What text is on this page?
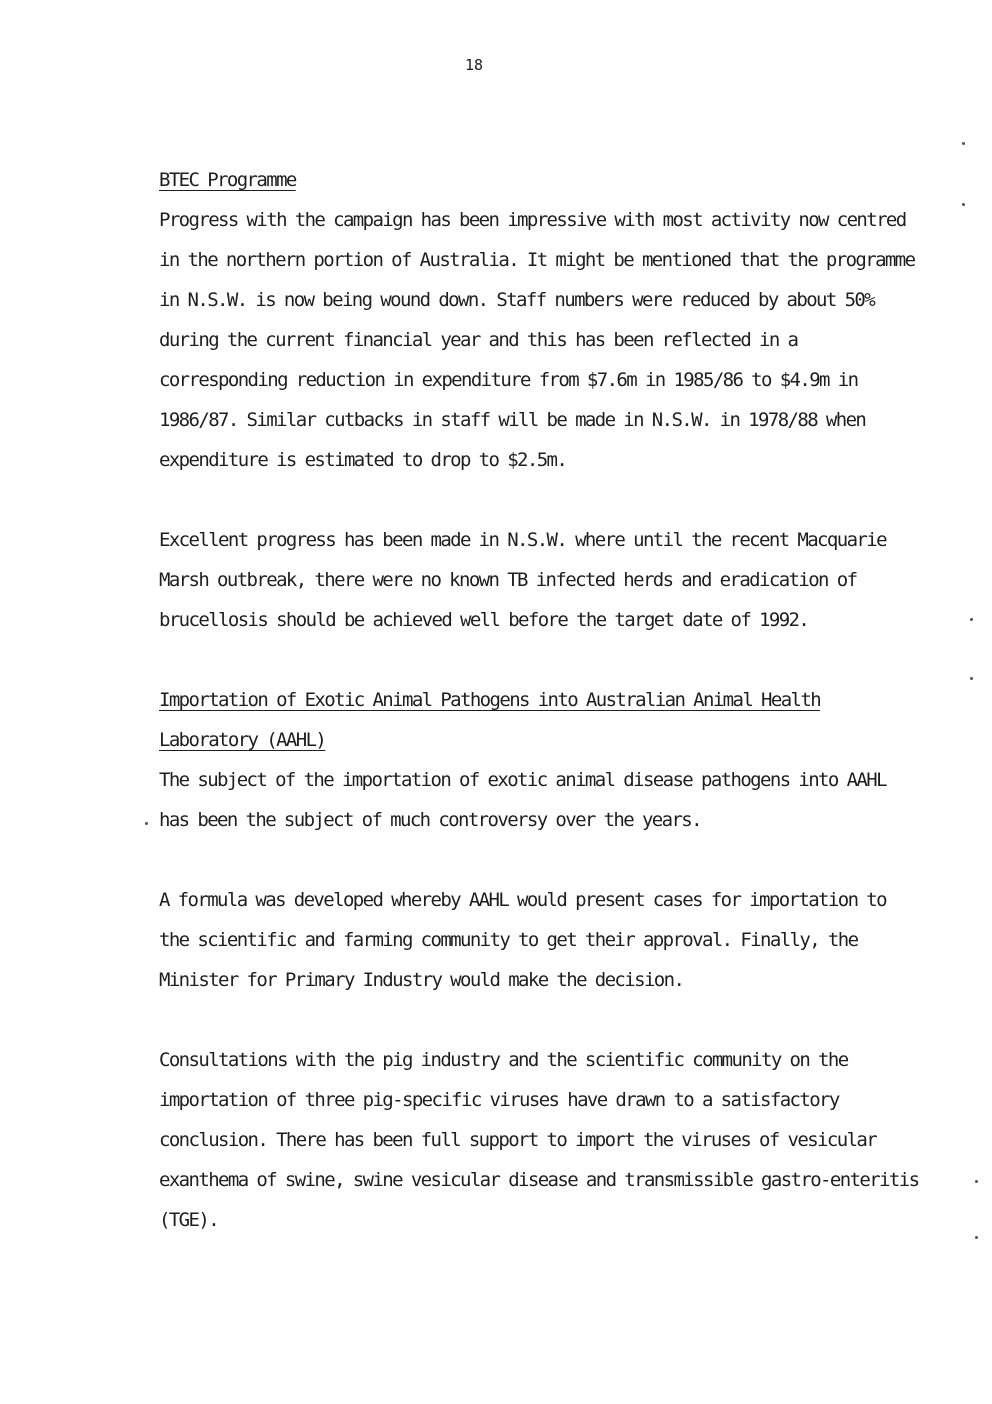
18
BTEC Programme

Progress with the campaign has been impressive with most activity now centred in the northern portion of Australia. It might be mentioned that the programme in N.S.W. is now being wound down. Staff numbers were reduced by about 50% during the current financial year and this has been reflected in a corresponding reduction in expenditure from $7.6m in 1985/86 to $4.9m in 1986/87. Similar cutbacks in staff will be made in N.S.W. in 1978/88 when expenditure is estimated to drop to $2.5m.

Excellent progress has been made in N.S.W. where until the recent Macquarie Marsh outbreak, there were no known TB infected herds and eradication of brucellosis should be achieved well before the target date of 1992.

Importation of Exotic Animal Pathogens into Australian Animal Health Laboratory (AAHL)

The subject of the importation of exotic animal disease pathogens into AAHL has been the subject of much controversy over the years.

A formula was developed whereby AAHL would present cases for importation to the scientific and farming community to get their approval. Finally, the Minister for Primary Industry would make the decision.

Consultations with the pig industry and the scientific community on the importation of three pig-specific viruses have drawn to a satisfactory conclusion. There has been full support to import the viruses of vesicular exanthema of swine, swine vesicular disease and transmissible gastro-enteritis (TGE).
